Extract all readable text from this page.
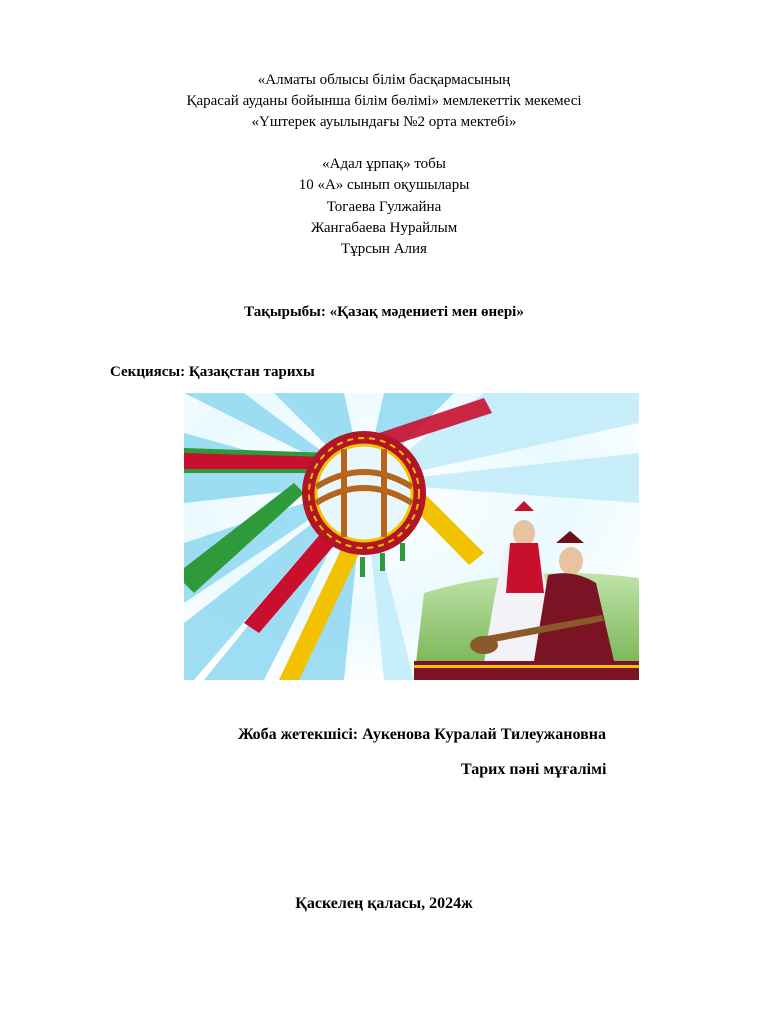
«Алматы облысы білім басқармасының
Қарасай ауданы бойынша білім бөлімі» мемлекеттік мекемесі
«Үштерек ауылындағы №2 орта мектебі»
«Адал ұрпақ» тобы
10 «А» сынып оқушылары
Тогаева Гулжайна
Жангабаева Нурайлым
Тұрсын Алия
Тақырыбы: «Қазақ мәдениеті мен өнері»
Секциясы: Қазақстан тарихы
Жоба жетекшісі: Аукенова Куралай Тилеужановна
Тарих пәні мұғалімі
Қаскелең қаласы, 2024ж
